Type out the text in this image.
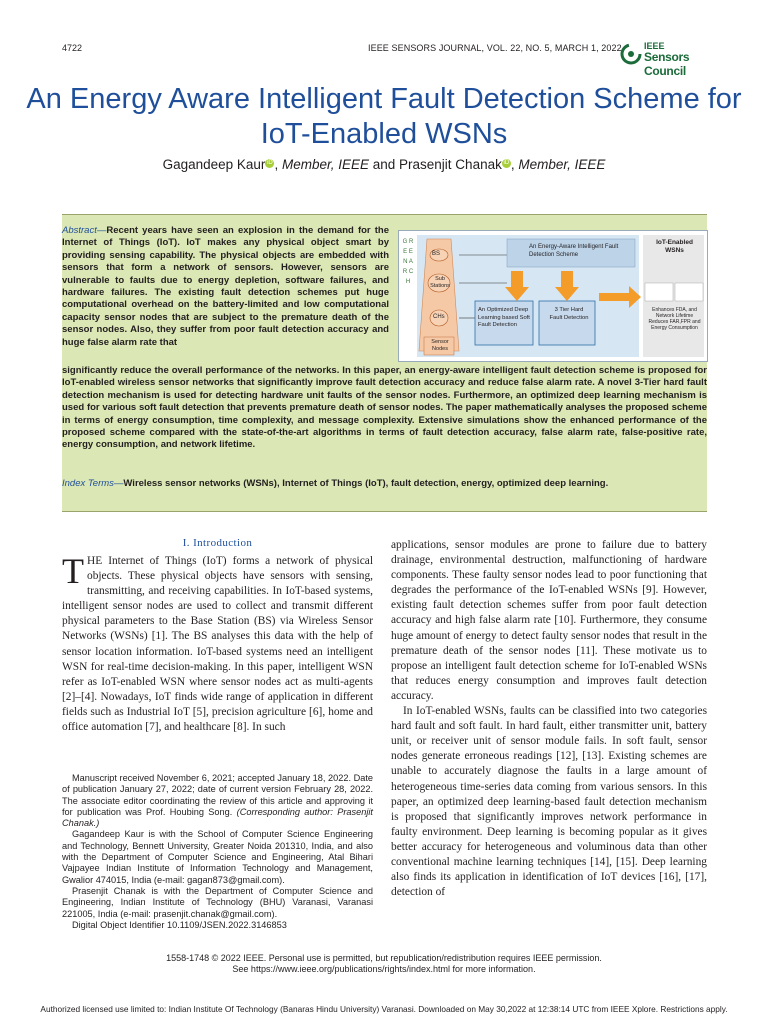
4722	IEEE SENSORS JOURNAL, VOL. 22, NO. 5, MARCH 1, 2022 IEEE
Sensors Council
An Energy Aware Intelligent Fault Detection Scheme for IoT-Enabled WSNs
Gagandeep Kaur iD , Member, IEEE and Prasenjit Chanak iD , Member, IEEE
Abstract—Recent years have seen an explosion in the demand for the Internet of Things (IoT). IoT makes any physical object smart by providing sensing capability. The physical objects are embedded with sensors that form a network of sensors. However, sensors are vulnerable to faults due to energy depletion, software failures, and hardware failures. The existing fault detection schemes put huge computational overhead on the battery-limited and low computational capacity sensor nodes that are subject to the premature death of the sensor nodes. Also, they suffer from poor fault detection accuracy and huge false alarm rate that
significantly reduce the overall performance of the networks. In this paper, an energy-aware intelligent fault detection scheme is proposed for IoT-enabled wireless sensor networks that significantly improve fault detection accuracy and reduce false alarm rate. A novel 3-Tier hard fault detection mechanism is used for detecting hardware unit faults of the sensor nodes. Furthermore, an optimized deep learning mechanism is used for various soft fault detection that prevents premature death of sensor nodes. The paper mathematically analyses the proposed scheme in terms of energy consumption, time complexity, and message complexity. Extensive simulations show the enhanced performance of the proposed scheme compared with the state-of-the-art algorithms in terms of fault detection accuracy, false alarm rate, false-positive rate, energy consumption, and network lifetime.
Index Terms—Wireless sensor networks (WSNs), Internet of Things (IoT), fault detection, energy, optimized deep learning.
G R E E N A R C H
BS
Sub Stations
CHs
Sensor Nodes
An Energy-Aware Intelligent Fault Detection Scheme
An Optimized Deep Learning based Soft Fault Detection
3 Tier Hard Fault Detection
IoT-Enabled WSNs
Enhances FDA, and Network Lifetime Reduces FAR,FPR and Energy Consumption
I. Introduction
THE Internet of Things (IoT) forms a network of physical objects. These physical objects have sensors with sensing, transmitting, and receiving capabilities. In IoT-based systems, intelligent sensor nodes are used to collect and transmit different physical parameters to the Base Station (BS) via Wireless Sensor Networks (WSNs) [1]. The BS analyses this data with the help of sensor location information. IoT-based systems need an intelligent WSN for real-time decision-making. In this paper, intelligent WSN refer as IoT-enabled WSN where sensor nodes act as multi-agents [2]–[4]. Nowadays, IoT finds wide range of application in different fields such as Industrial IoT [5], precision agriculture [6], home and office automation [7], and healthcare [8]. In such

Manuscript received November 6, 2021; accepted January 18, 2022. Date of publication January 27, 2022; date of current version February 28, 2022. The associate editor coordinating the review of this article and approving it for publication was Prof. Houbing Song. (Corresponding author: Prasenjit Chanak.)

Gagandeep Kaur is with the School of Computer Science Engineering and Technology, Bennett University, Greater Noida 201310, India, and also with the Department of Computer Science and Engineering, Atal Bihari Vajpayee Indian Institute of Information Technology and Management, Gwalior 474015, India (e-mail: gagan873@gmail.com).

Prasenjit Chanak is with the Department of Computer Science and Engineering, Indian Institute of Technology (BHU) Varanasi, Varanasi 221005, India (e-mail: prasenjit.chanak@gmail.com).

Digital Object Identifier 10.1109/JSEN.2022.3146853

applications, sensor modules are prone to failure due to battery drainage, environmental destruction, malfunctioning of hardware components. These faulty sensor nodes lead to poor functioning that degrades the performance of the IoT-enabled WSNs [9]. However, existing fault detection schemes suffer from poor fault detection accuracy and high false alarm rate [10]. Furthermore, they consume huge amount of energy to detect faulty sensor nodes that result in the premature death of the sensor nodes [11]. These motivate us to propose an intelligent fault detection scheme for IoT-enabled WSNs that reduces energy consumption and improves fault detection accuracy.
In IoT-enabled WSNs, faults can be classified into two categories hard fault and soft fault. In hard fault, either transmitter unit, battery unit, or receiver unit of sensor module fails. In soft fault, sensor nodes generate erroneous readings [12], [13]. Existing schemes are unable to accurately diagnose the faults in a large amount of heterogeneous time-series data coming from various sensors. In this paper, an optimized deep learning-based fault detection mechanism is proposed that significantly improves network performance in faulty environment. Deep learning is becoming popular as it gives better accuracy for heterogeneous and voluminous data than other conventional machine learning techniques [14], [15]. Deep learning also finds its application in identification of IoT devices [16], [17], detection of
1558-1748 © 2022 IEEE. Personal use is permitted, but republication/redistribution requires IEEE permission.
See https://www.ieee.org/publications/rights/index.html for more information.
Authorized licensed use limited to: Indian Institute Of Technology (Banaras Hindu University) Varanasi. Downloaded on May 30,2022 at 12:38:14 UTC from IEEE Xplore. Restrictions apply.
